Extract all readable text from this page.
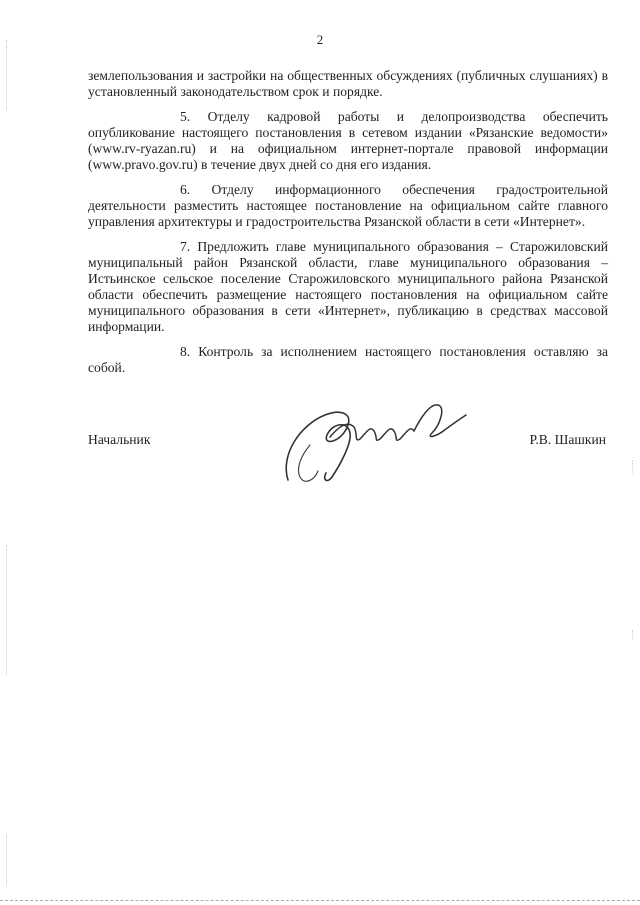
2

землепользования и застройки на общественных обсуждениях (публичных слушаниях) в установленный законодательством срок и порядке.

5. Отделу кадровой работы и делопроизводства обеспечить опубликование настоящего постановления в сетевом издании «Рязанские ведомости» (www.rv-ryazan.ru) и на официальном интернет-портале правовой информации (www.pravo.gov.ru) в течение двух дней со дня его издания.

6. Отделу информационного обеспечения градостроительной деятельности разместить настоящее постановление на официальном сайте главного управления архитектуры и градостроительства Рязанской области в сети «Интернет».

7. Предложить главе муниципального образования – Старожиловский муниципальный район Рязанской области, главе муниципального образования – Истьинское сельское поселение Старожиловского муниципального района Рязанской области обеспечить размещение настоящего постановления на официальном сайте муниципального образования в сети «Интернет», публикацию в средствах массовой информации.

8. Контроль за исполнением настоящего постановления оставляю за собой.

Начальник	Р.В. Шашкин
